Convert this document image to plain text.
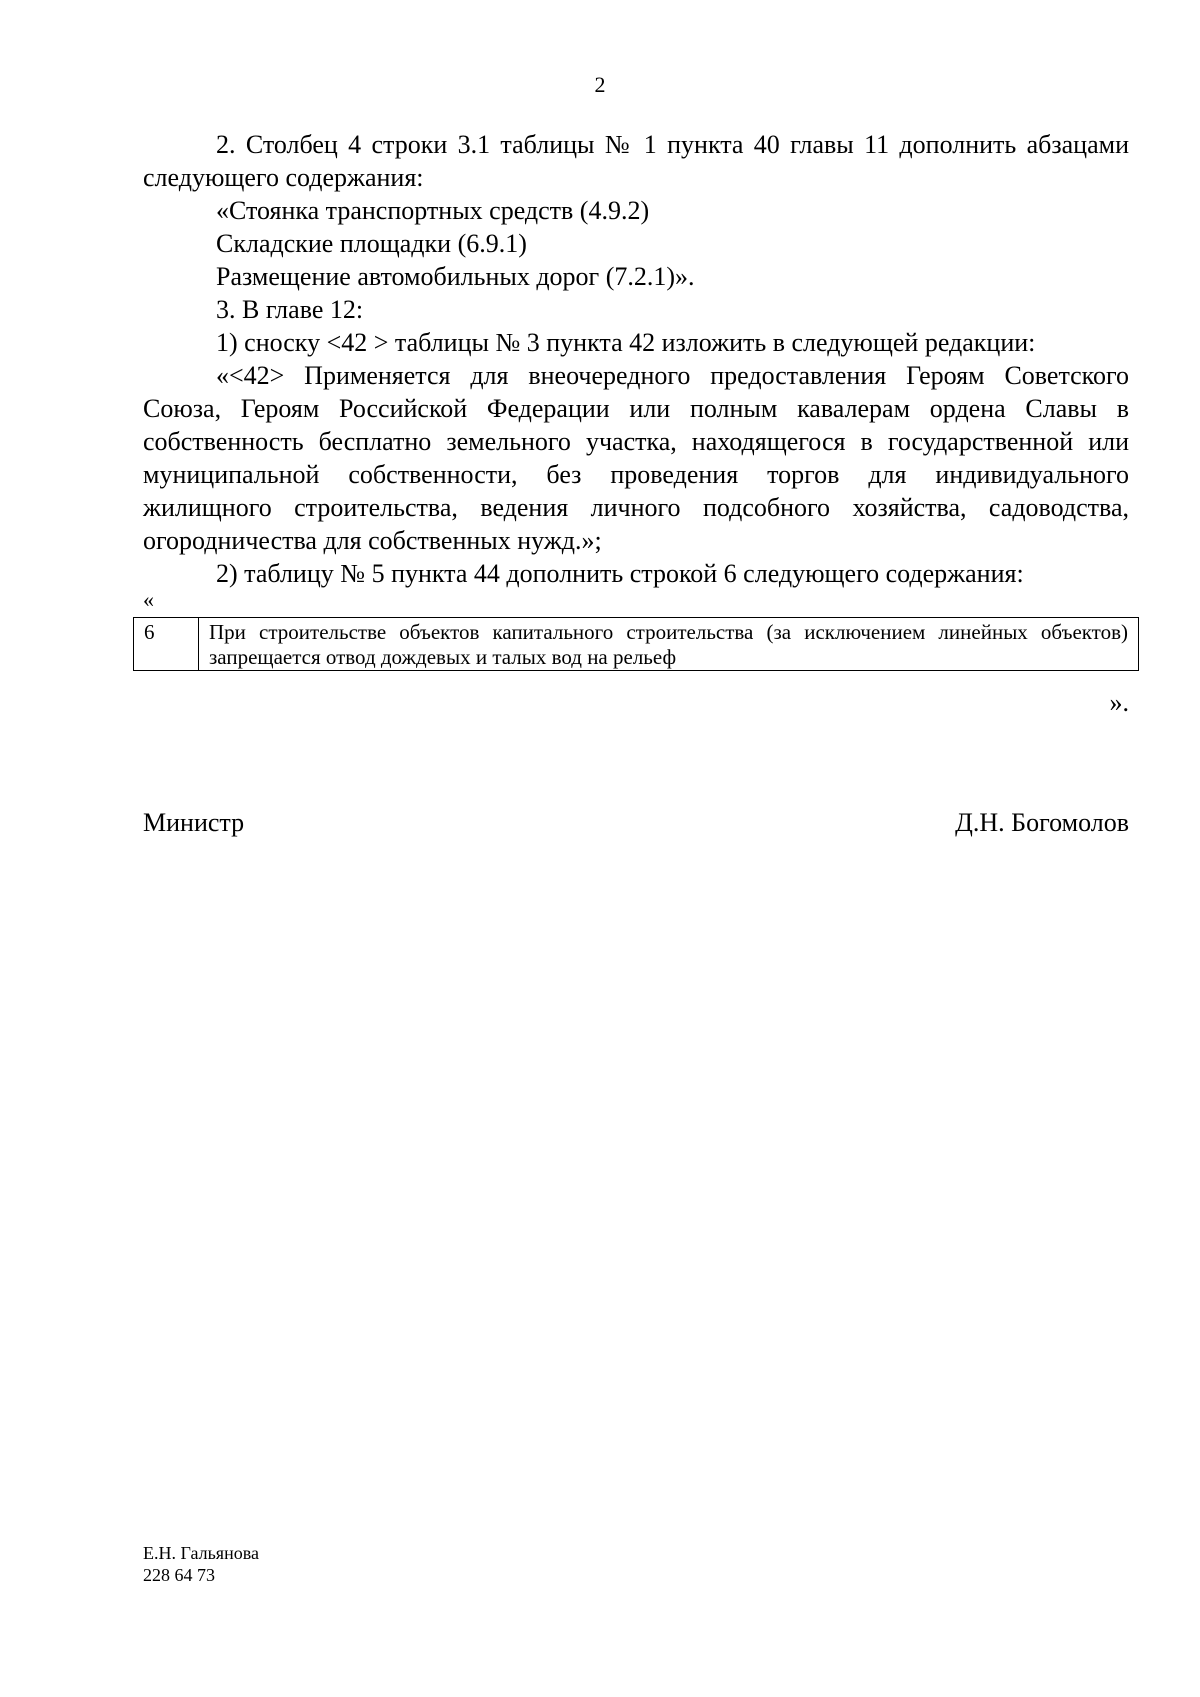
2

2. Столбец 4 строки 3.1 таблицы № 1 пункта 40 главы 11 дополнить абзацами следующего содержания:

«Стоянка транспортных средств (4.9.2)

Складские площадки (6.9.1)

Размещение автомобильных дорог (7.2.1)».

3. В главе 12:

1) сноску <42 > таблицы № 3 пункта 42 изложить в следующей редакции:

«<42> Применяется для внеочередного предоставления Героям Советского Союза, Героям Российской Федерации или полным кавалерам ордена Славы в собственность бесплатно земельного участка, находящегося в государственной или муниципальной собственности, без проведения торгов для индивидуального жилищного строительства, ведения личного подсобного хозяйства, садоводства, огородничества для собственных нужд.»;

2) таблицу № 5 пункта 44 дополнить строкой 6 следующего содержания:

«
6	При строительстве объектов капитального строительства (за исключением линейных объектов) запрещается отвод дождевых и талых вод на рельеф
».
Министр	Д.Н. Богомолов
Е.Н. Гальянова
228 64 73
